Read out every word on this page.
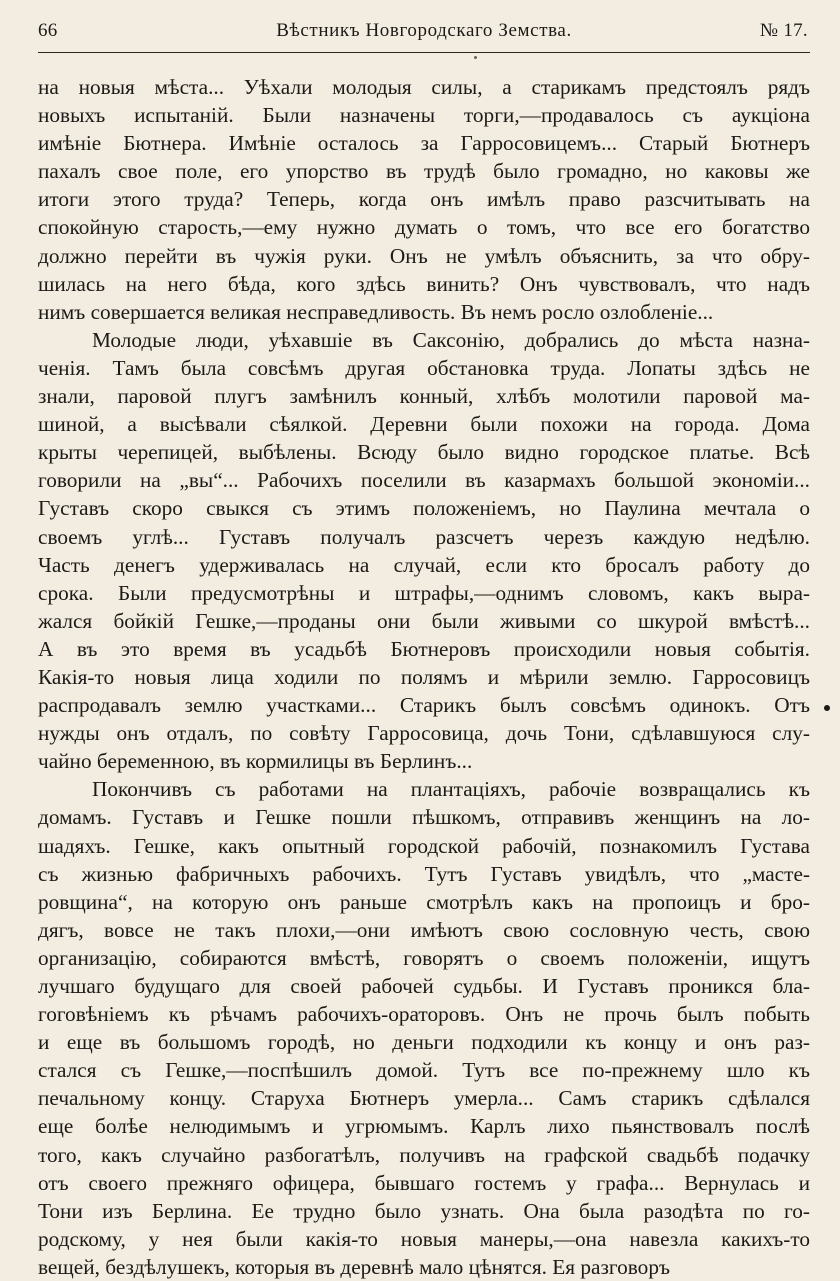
66	Вѣстникъ Новгородскаго Земства.	№ 17.
на новыя мѣста... Уѣхали молодыя силы, а старикамъ предстоялъ рядъ
новыхъ испытаній. Были назначены торги,—продавалось съ аукціона
имѣніе Бютнера. Имѣніе осталось за Гарросовицемъ... Старый Бютнеръ
пахалъ свое поле, его упорство въ трудѣ было громадно, но каковы же
итоги этого труда? Теперь, когда онъ имѣлъ право разсчитывать на
спокойную старость,—ему нужно думать о томъ, что все его богатство
должно перейти въ чужія руки. Онъ не умѣлъ объяснить, за что обру-
шилась на него бѣда, кого здѣсь винить? Онъ чувствовалъ, что надъ
нимъ совершается великая несправедливость. Въ немъ росло озлобленіе...
Молодые люди, уѣхавшіе въ Саксонію, добрались до мѣста назна-
ченія. Тамъ была совсѣмъ другая обстановка труда. Лопаты здѣсь не
знали, паровой плугъ замѣнилъ конный, хлѣбъ молотили паровой ма-
шиной, а высѣвали сѣялкой. Деревни были похожи на города. Дома
крыты черепицей, выбѣлены. Всюду было видно городское платье. Всѣ
говорили на „вы“... Рабочихъ поселили въ казармахъ большой экономіи...
Густавъ скоро свыкся съ этимъ положеніемъ, но Паулина мечтала о
своемъ углѣ... Густавъ получалъ разсчетъ черезъ каждую недѣлю.
Часть денегъ удерживалась на случай, если кто бросалъ работу до
срока. Были предусмотрѣны и штрафы,—однимъ словомъ, какъ выра-
жался бойкій Гешке,—проданы они были живыми со шкурой вмѣстѣ...
А въ это время въ усадьбѣ Бютнеровъ происходили новыя событія.
Какія-то новыя лица ходили по полямъ и мѣрили землю. Гарросовицъ
распродавалъ землю участками... Старикъ былъ совсѣмъ одинокъ. Отъ
нужды онъ отдалъ, по совѣту Гарросовица, дочь Тони, сдѣлавшуюся слу-
чайно беременною, въ кормилицы въ Берлинъ...
Покончивъ съ работами на плантаціяхъ, рабочіе возвращались къ
домамъ. Густавъ и Гешке пошли пѣшкомъ, отправивъ женщинъ на ло-
шадяхъ. Гешке, какъ опытный городской рабочій, познакомилъ Густава
съ жизнью фабричныхъ рабочихъ. Тутъ Густавъ увидѣлъ, что „масте-
ровщина“, на которую онъ раньше смотрѣлъ какъ на пропоицъ и бро-
дягъ, вовсе не такъ плохи,—они имѣютъ свою сословную честь, свою
организацію, собираются вмѣстѣ, говорятъ о своемъ положеніи, ищутъ
лучшаго будущаго для своей рабочей судьбы. И Густавъ проникся бла-
гоговѣніемъ къ рѣчамъ рабочихъ-ораторовъ. Онъ не прочь былъ побыть
и еще въ большомъ городѣ, но деньги подходили къ концу и онъ раз-
стался съ Гешке,—поспѣшилъ домой. Тутъ все по-прежнему шло къ
печальному концу. Старуха Бютнеръ умерла... Самъ старикъ сдѣлался
еще болѣе нелюдимымъ и угрюмымъ. Карлъ лихо пьянствовалъ послѣ
того, какъ случайно разбогатѣлъ, получивъ на графской свадьбѣ подачку
отъ своего прежняго офицера, бывшаго гостемъ у графа... Вернулась и
Тони изъ Берлина. Ее трудно было узнать. Она была разодѣта по го-
родскому, у нея были какія-то новыя манеры,—она навезла какихъ-то
вещей, бездѣлушекъ, которыя въ деревнѣ мало цѣнятся. Ея разговоръ
